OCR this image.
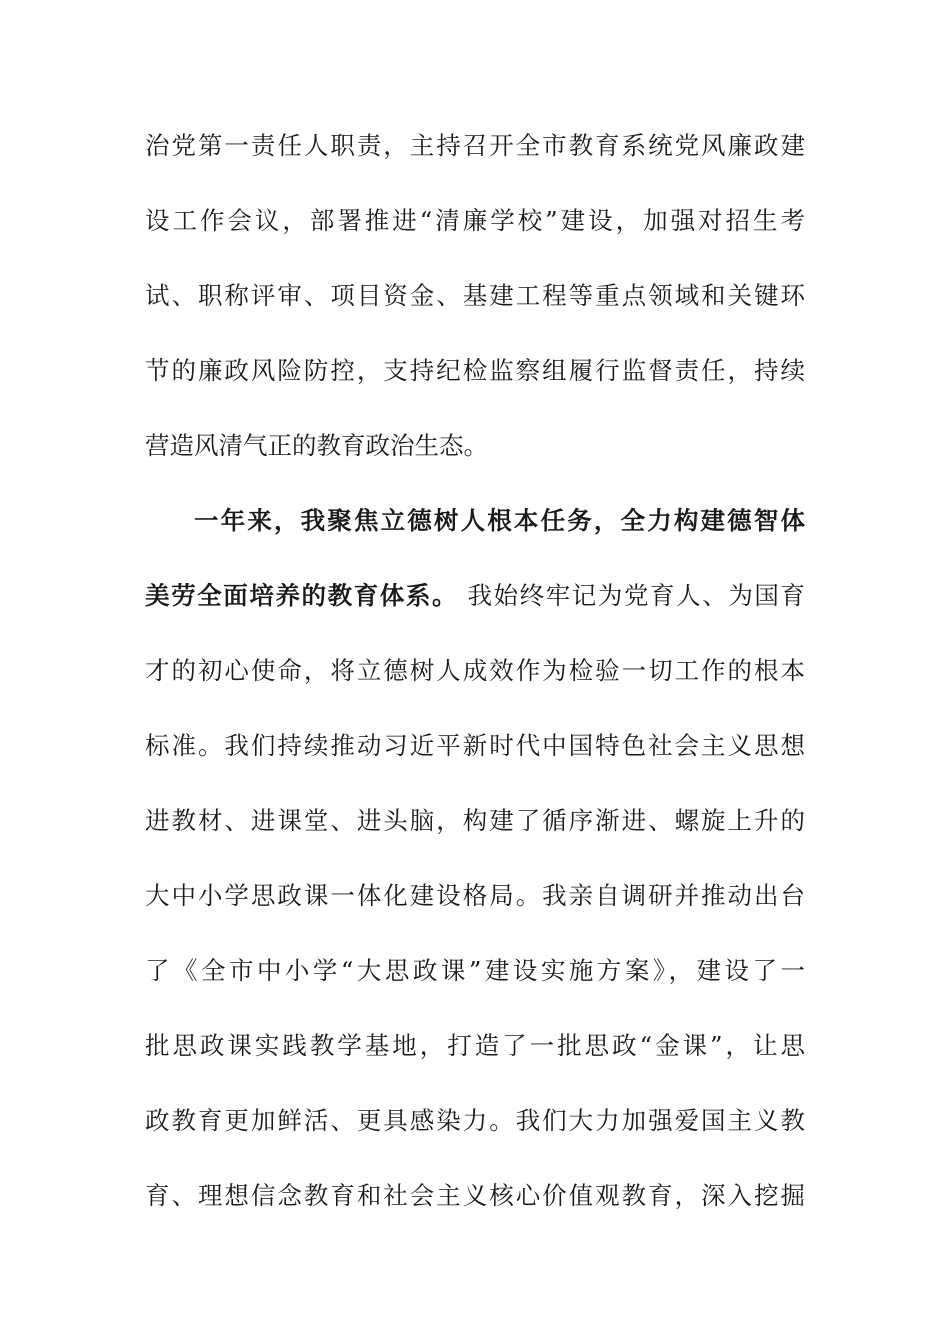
治党第一责任人职责，主持召开全市教育系统党风廉政建
设工作会议，部署推进“清廉学校”建设，加强对招生考
试、职称评审、项目资金、基建工程等重点领域和关键环
节的廉政风险防控，支持纪检监察组履行监督责任，持续
营造风清气正的教育政治生态。
一年来，我聚焦立德树人根本任务，全力构建德智体
美劳全面培养的教育体系。 我始终牢记为党育人、为国育
才的初心使命，将立德树人成效作为检验一切工作的根本
标准。我们持续推动习近平新时代中国特色社会主义思想
进教材、进课堂、进头脑，构建了循序渐进、螺旋上升的
大中小学思政课一体化建设格局。我亲自调研并推动出台
了《全市中小学“大思政课”建设实施方案》，建设了一
批思政课实践教学基地，打造了一批思政“金课”，让思
政教育更加鲜活、更具感染力。我们大力加强爱国主义教
育、理想信念教育和社会主义核心价值观教育，深入挖掘
